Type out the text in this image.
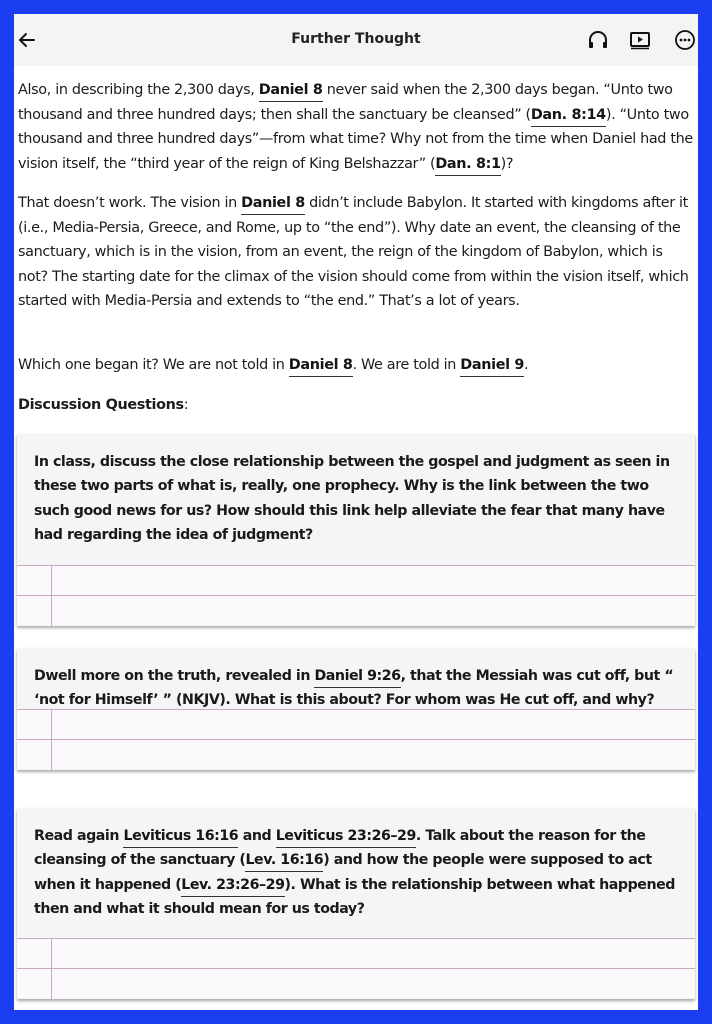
Further Thought

Also, in describing the 2,300 days, Daniel 8 never said when the 2,300 days began. “Unto two thousand and three hundred days; then shall the sanctuary be cleansed” (Dan. 8:14). “Unto two thousand and three hundred days”—from what time? Why not from the time when Daniel had the vision itself, the “third year of the reign of King Belshazzar” (Dan. 8:1)?

That doesn’t work. The vision in Daniel 8 didn’t include Babylon. It started with kingdoms after it (i.e., Media-Persia, Greece, and Rome, up to “the end”). Why date an event, the cleansing of the sanctuary, which is in the vision, from an event, the reign of the kingdom of Babylon, which is not? The starting date for the climax of the vision should come from within the vision itself, which started with Media-Persia and extends to “the end.” That’s a lot of years.

Which one began it? We are not told in Daniel 8. We are told in Daniel 9.

Discussion Questions:
In class, discuss the close relationship between the gospel and judgment as seen in these two parts of what is, really, one prophecy. Why is the link between the two such good news for us? How should this link help alleviate the fear that many have had regarding the idea of judgment?
Dwell more on the truth, revealed in Daniel 9:26, that the Messiah was cut off, but “ ‘not for Himself’ ” (NKJV). What is this about? For whom was He cut off, and why?
Read again Leviticus 16:16 and Leviticus 23:26–29. Talk about the reason for the cleansing of the sanctuary (Lev. 16:16) and how the people were supposed to act when it happened (Lev. 23:26–29). What is the relationship between what happened then and what it should mean for us today?
